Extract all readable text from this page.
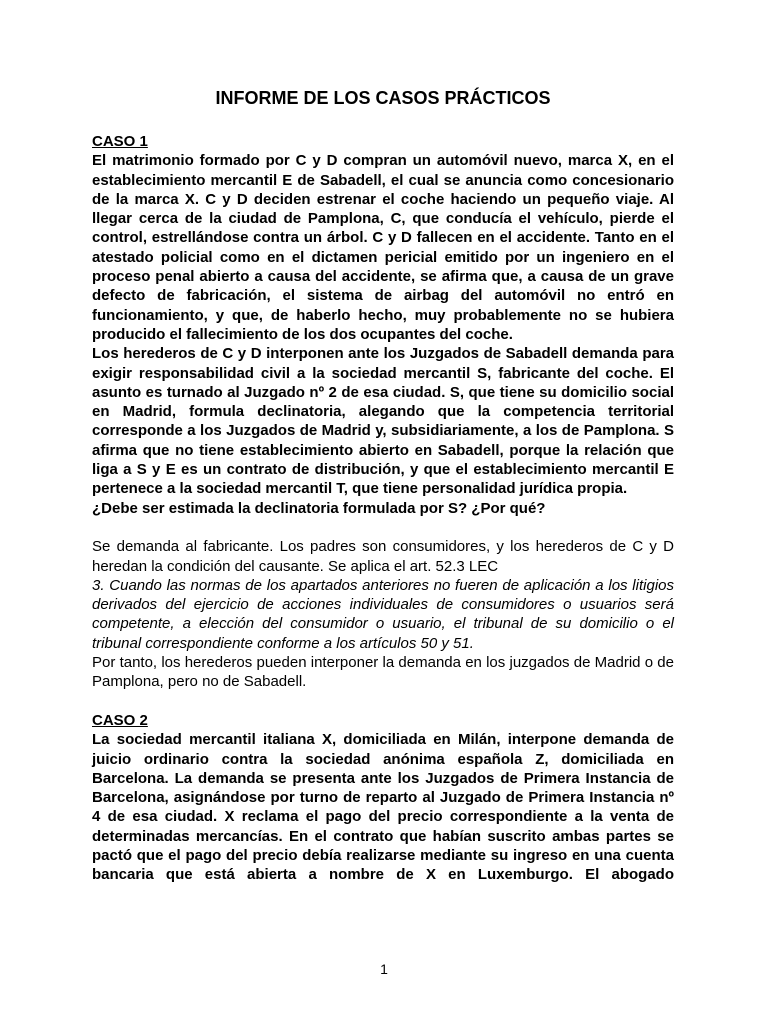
INFORME DE LOS CASOS PRÁCTICOS
CASO 1

El matrimonio formado por C y D compran un automóvil nuevo, marca X, en el establecimiento mercantil E de Sabadell, el cual se anuncia como concesionario de la marca X. C y D deciden estrenar el coche haciendo un pequeño viaje. Al llegar cerca de la ciudad de Pamplona, C, que conducía el vehículo, pierde el control, estrellándose contra un árbol. C y D fallecen en el accidente. Tanto en el atestado policial como en el dictamen pericial emitido por un ingeniero en el proceso penal abierto a causa del accidente, se afirma que, a causa de un grave defecto de fabricación, el sistema de airbag del automóvil no entró en funcionamiento, y que, de haberlo hecho, muy probablemente no se hubiera producido el fallecimiento de los dos ocupantes del coche.

Los herederos de C y D interponen ante los Juzgados de Sabadell demanda para exigir responsabilidad civil a la sociedad mercantil S, fabricante del coche. El asunto es turnado al Juzgado nº 2 de esa ciudad. S, que tiene su domicilio social en Madrid, formula declinatoria, alegando que la competencia territorial corresponde a los Juzgados de Madrid y, subsidiariamente, a los de Pamplona. S afirma que no tiene establecimiento abierto en Sabadell, porque la relación que liga a S y E es un contrato de distribución, y que el establecimiento mercantil E pertenece a la sociedad mercantil T, que tiene personalidad jurídica propia.

¿Debe ser estimada la declinatoria formulada por S? ¿Por qué?

Se demanda al fabricante. Los padres son consumidores, y los herederos de C y D heredan la condición del causante. Se aplica el art. 52.3 LEC

3. Cuando las normas de los apartados anteriores no fueren de aplicación a los litigios derivados del ejercicio de acciones individuales de consumidores o usuarios será competente, a elección del consumidor o usuario, el tribunal de su domicilio o el tribunal correspondiente conforme a los artículos 50 y 51.

Por tanto, los herederos pueden interponer la demanda en los juzgados de Madrid o de Pamplona, pero no de Sabadell.

CASO 2

La sociedad mercantil italiana X, domiciliada en Milán, interpone demanda de juicio ordinario contra la sociedad anónima española Z, domiciliada en Barcelona. La demanda se presenta ante los Juzgados de Primera Instancia de Barcelona, asignándose por turno de reparto al Juzgado de Primera Instancia nº 4 de esa ciudad. X reclama el pago del precio correspondiente a la venta de determinadas mercancías. En el contrato que habían suscrito ambas partes se pactó que el pago del precio debía realizarse mediante su ingreso en una cuenta bancaria que está abierta a nombre de X en Luxemburgo. El abogado

1
